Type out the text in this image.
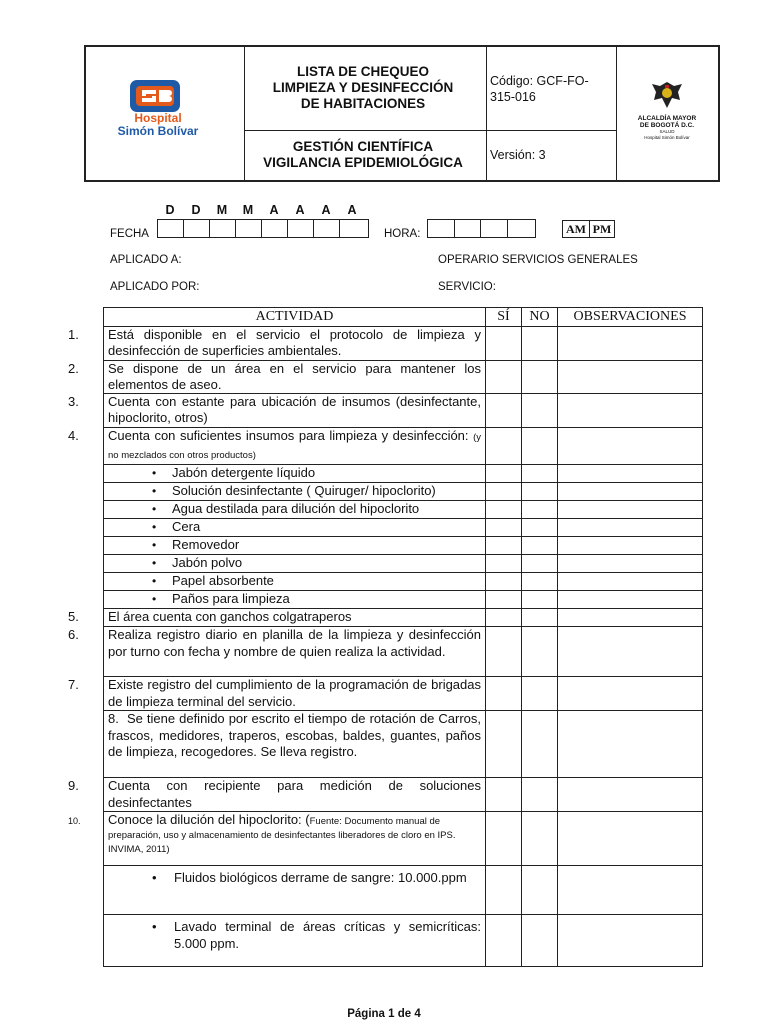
Hospital
Simón Bolívar
LISTA DE CHEQUEO
LIMPIEZA Y DESINFECCIÓN
DE HABITACIONES
GESTIÓN CIENTÍFICA
VIGILANCIA EPIDEMIOLÓGICA
Código: GCF-FO-
315-016
Versión: 3
ALCALDÍA MAYOR
DE BOGOTÁ D.C.
SALUD
Hospital Simón Bolívar
D	D	M	M	A	A	A	A
FECHA	HORA:	AM PM
APLICADO A:	OPERARIO SERVICIOS GENERALES
APLICADO POR:	SERVICIO:
ACTIVIDAD	SÍ	NO	OBSERVACIONES
1. Está disponible en el servicio el protocolo de limpieza y desinfección de superficies ambientales.			
2. Se dispone de un área en el servicio para mantener los elementos de aseo.			
3. Cuenta con estante para ubicación de insumos (desinfectante, hipoclorito, otros)			
4. Cuenta con suficientes insumos para limpieza y desinfección: (y no mezclados con otros productos)			
• Jabón detergente líquido			
• Solución desinfectante ( Quiruger/ hipoclorito)			
• Agua destilada para dilución del hipoclorito			
• Cera			
• Removedor			
• Jabón polvo			
• Papel absorbente			
• Paños para limpieza			
5. El área cuenta con ganchos colgatraperos			
6. Realiza registro diario en planilla de la limpieza y desinfección por turno con fecha y nombre de quien realiza la actividad.			
7. Existe registro del cumplimiento de la programación de brigadas de limpieza terminal del servicio.			
8. Se tiene definido por escrito el tiempo de rotación de Carros, frascos, medidores, traperos, escobas, baldes, guantes, paños de limpieza, recogedores. Se lleva registro.			
9. Cuenta con recipiente para medición de soluciones desinfectantes			
10. Conoce la dilución del hipoclorito: (Fuente: Documento manual de preparación, uso y almacenamiento de desinfectantes liberadores de cloro en IPS. INVIMA, 2011)			

• Fluidos biológicos derrame de sangre: 10.000.ppm			

• Lavado terminal de áreas críticas y semicríticas: 5.000 ppm.			

Página 1 de 4
